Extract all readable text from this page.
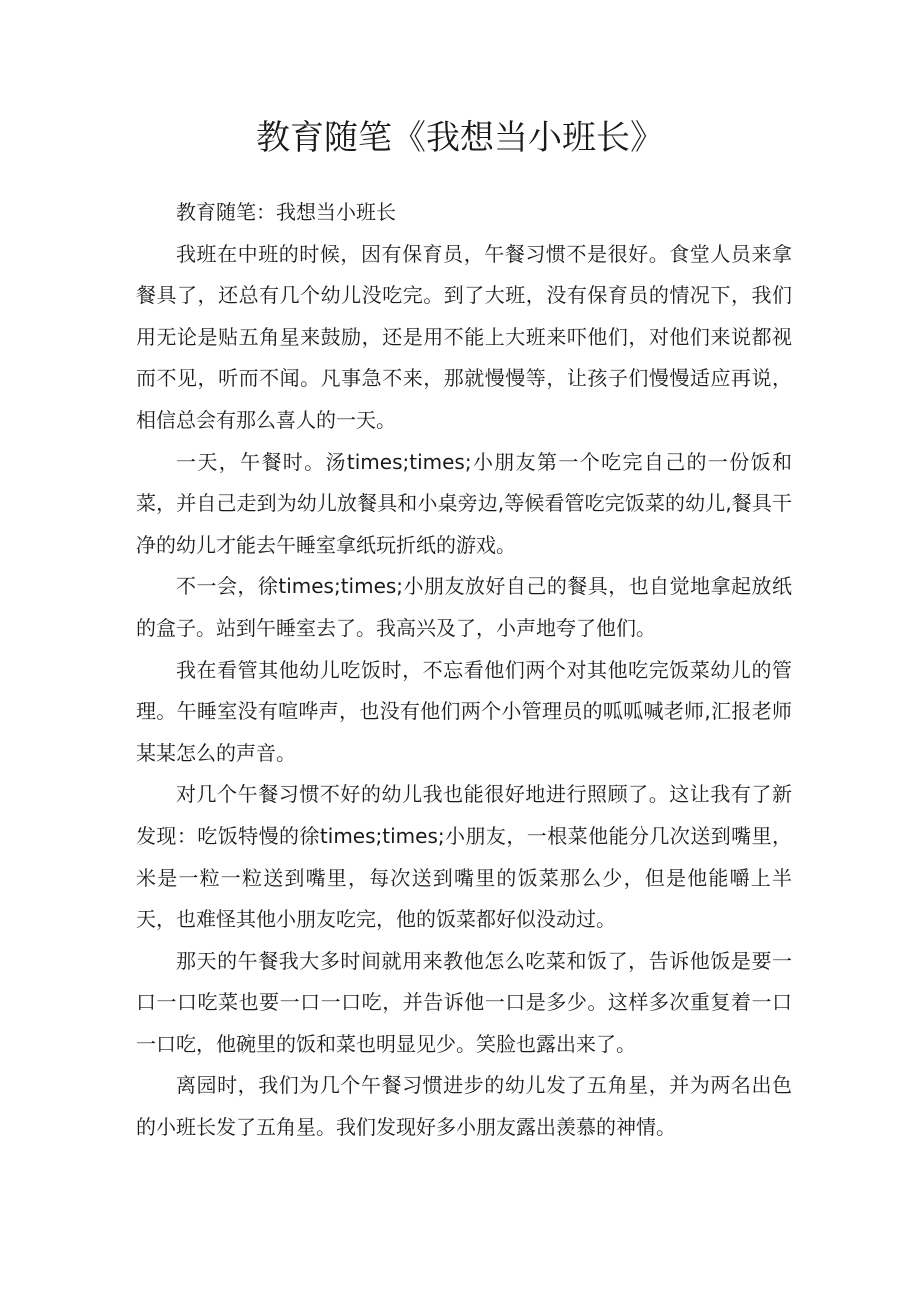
教育随笔《我想当小班长》

教育随笔：我想当小班长

我班在中班的时候，因有保育员，午餐习惯不是很好。食堂人员来拿餐具了，还总有几个幼儿没吃完。到了大班，没有保育员的情况下，我们用无论是贴五角星来鼓励，还是用不能上大班来吓他们，对他们来说都视而不见，听而不闻。凡事急不来，那就慢慢等，让孩子们慢慢适应再说，相信总会有那么喜人的一天。

一天，午餐时。汤times;times;小朋友第一个吃完自己的一份饭和菜，并自己走到为幼儿放餐具和小桌旁边,等候看管吃完饭菜的幼儿,餐具干净的幼儿才能去午睡室拿纸玩折纸的游戏。

不一会，徐times;times;小朋友放好自己的餐具，也自觉地拿起放纸的盒子。站到午睡室去了。我高兴及了，小声地夸了他们。

我在看管其他幼儿吃饭时，不忘看他们两个对其他吃完饭菜幼儿的管理。午睡室没有喧哗声，也没有他们两个小管理员的呱呱喊老师,汇报老师某某怎么的声音。

对几个午餐习惯不好的幼儿我也能很好地进行照顾了。这让我有了新发现：吃饭特慢的徐times;times;小朋友，一根菜他能分几次送到嘴里，米是一粒一粒送到嘴里，每次送到嘴里的饭菜那么少，但是他能嚼上半天，也难怪其他小朋友吃完，他的饭菜都好似没动过。

那天的午餐我大多时间就用来教他怎么吃菜和饭了，告诉他饭是要一口一口吃菜也要一口一口吃，并告诉他一口是多少。这样多次重复着一口一口吃，他碗里的饭和菜也明显见少。笑脸也露出来了。

离园时，我们为几个午餐习惯进步的幼儿发了五角星，并为两名出色的小班长发了五角星。我们发现好多小朋友露出羡慕的神情。
